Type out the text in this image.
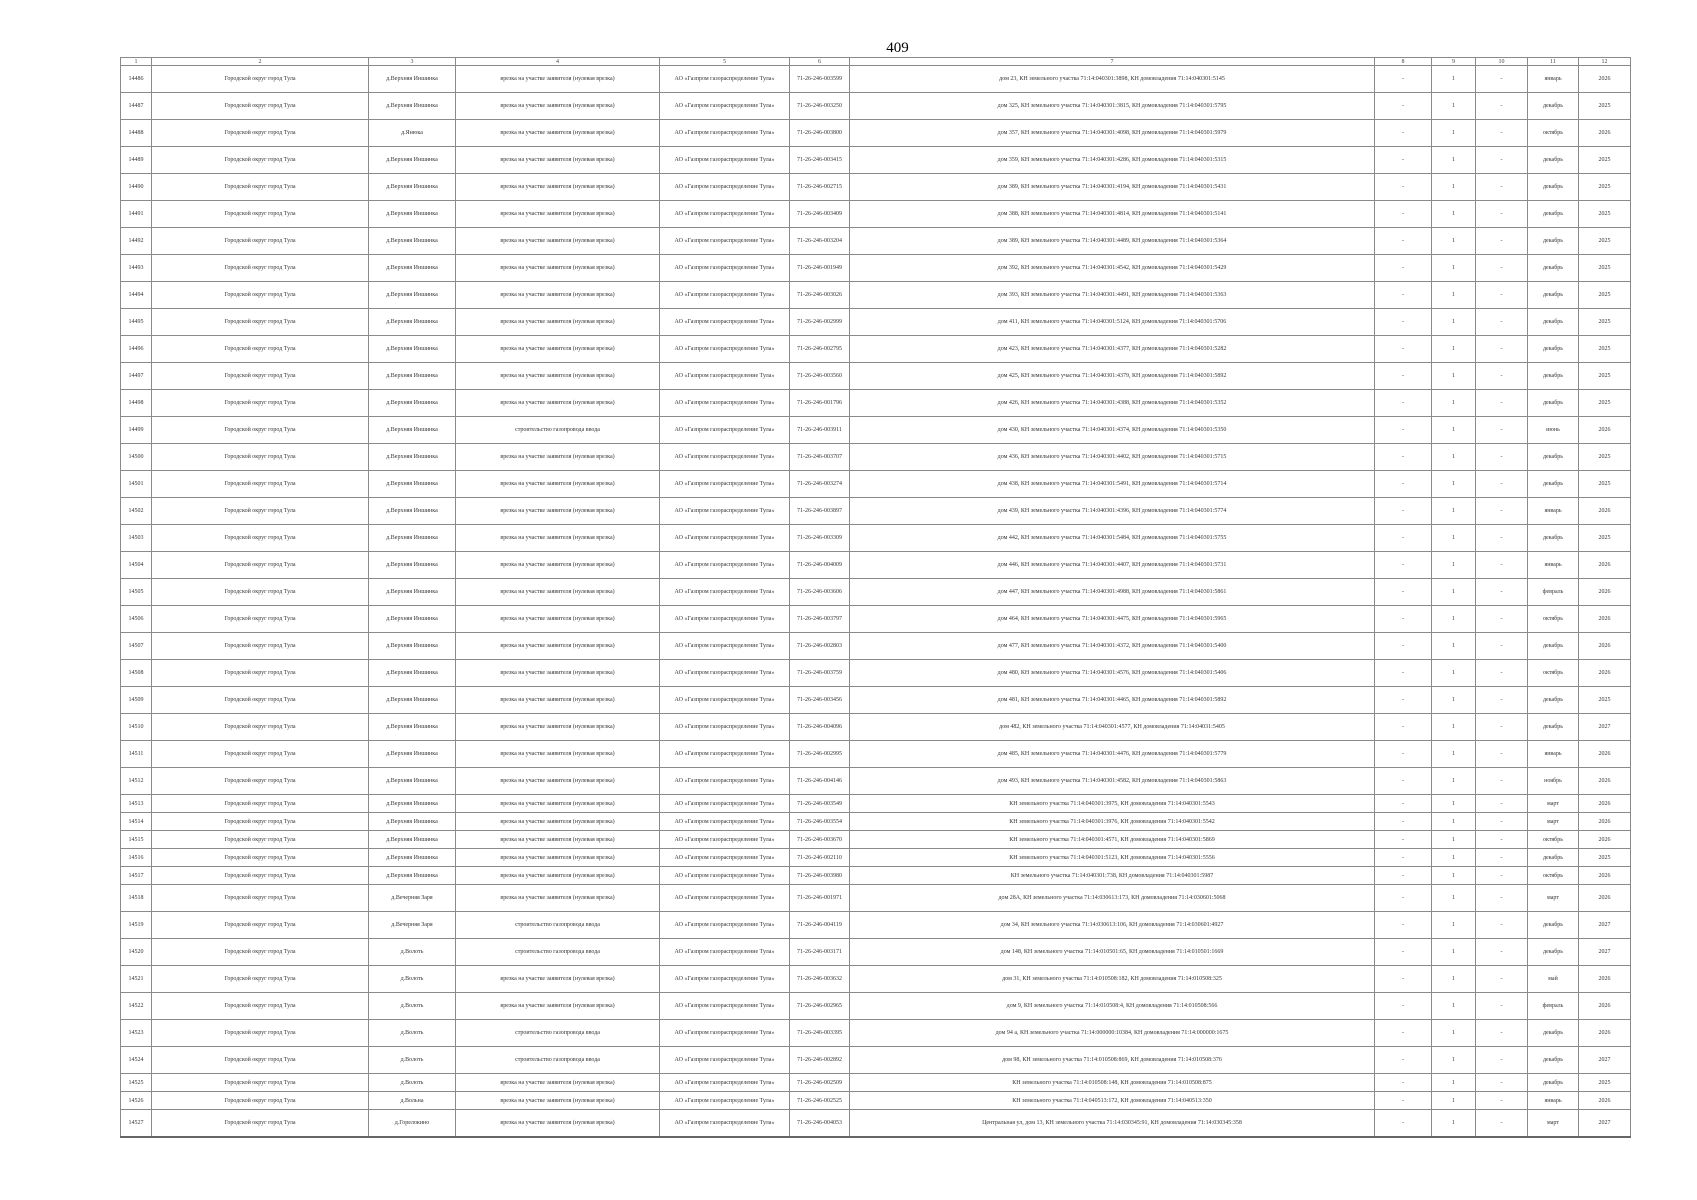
409
1	2	3	4	5	6	7	8	9	10	11	12
14486	Городской округ город Тула	д.Верхняя Иншинка	врезка на участке заявителя (нулевая врезка)	АО «Газпром газораспределение Тула»	71-26-246-003599	дом 23, КН земельного участка 71:14:040301:3898, КН домовладения 71:14:040301:5145	-	1	-	январь	2026
14487	Городской округ город Тула	д.Верхняя Иншинка	врезка на участке заявителя (нулевая врезка)	АО «Газпром газораспределение Тула»	71-26-246-003250	дом 325, КН земельного участка 71:14:040301:3815, КН домовладения 71:14:040301:5795	-	1	-	декабрь	2025
14488	Городской округ город Тула	д.Янюка	врезка на участке заявителя (нулевая врезка)	АО «Газпром газораспределение Тула»	71-26-246-003800	дом 357, КН земельного участка 71:14:040301:4098, КН домовладения 71:14:040301:5979	-	1	-	октябрь	2026
14489	Городской округ город Тула	д.Верхняя Иншинка	врезка на участке заявителя (нулевая врезка)	АО «Газпром газораспределение Тула»	71-26-246-003415	дом 359, КН земельного участка 71:14:040301:4286, КН домовладения 71:14:040301:5315	-	1	-	декабрь	2025
14490	Городской округ город Тула	д.Верхняя Иншинка	врезка на участке заявителя (нулевая врезка)	АО «Газпром газораспределение Тула»	71-26-246-002715	дом 389, КН земельного участка 71:14:040301:4194, КН домовладения 71:14:040301:5431	-	1	-	декабрь	2025
14491	Городской округ город Тула	д.Верхняя Иншинка	врезка на участке заявителя (нулевая врезка)	АО «Газпром газораспределение Тула»	71-26-246-003409	дом 388, КН земельного участка 71:14:040301:4814, КН домовладения 71:14:040301:5141	-	1	-	декабрь	2025
14492	Городской округ город Тула	д.Верхняя Иншинка	врезка на участке заявителя (нулевая врезка)	АО «Газпром газораспределение Тула»	71-26-246-003204	дом 389, КН земельного участка 71:14:040301:4489, КН домовладения 71:14:040301:5364	-	1	-	декабрь	2025
14493	Городской округ город Тула	д.Верхняя Иншинка	врезка на участке заявителя (нулевая врезка)	АО «Газпром газораспределение Тула»	71-26-246-001949	дом 392, КН земельного участка 71:14:040301:4542, КН домовладения 71:14:040301:5429	-	1	-	декабрь	2025
14494	Городской округ город Тула	д.Верхняя Иншинка	врезка на участке заявителя (нулевая врезка)	АО «Газпром газораспределение Тула»	71-26-246-003026	дом 393, КН земельного участка 71:14:040301:4491, КН домовладения 71:14:040301:5363	-	1	-	декабрь	2025
14495	Городской округ город Тула	д.Верхняя Иншинка	врезка на участке заявителя (нулевая врезка)	АО «Газпром газораспределение Тула»	71-26-246-002999	дом 411, КН земельного участка 71:14:040301:5124, КН домовладения 71:14:040301:5706	-	1	-	декабрь	2025
14496	Городской округ город Тула	д.Верхняя Иншинка	врезка на участке заявителя (нулевая врезка)	АО «Газпром газораспределение Тула»	71-26-246-002795	дом 423, КН земельного участка 71:14:040301:4377, КН домовладения 71:14:040301:5282	-	1	-	декабрь	2025
14497	Городской округ город Тула	д.Верхняя Иншинка	врезка на участке заявителя (нулевая врезка)	АО «Газпром газораспределение Тула»	71-26-246-003560	дом 425, КН земельного участка 71:14:040301:4379, КН домовладения 71:14:040301:5892	-	1	-	декабрь	2025
14498	Городской округ город Тула	д.Верхняя Иншинка	врезка на участке заявителя (нулевая врезка)	АО «Газпром газораспределение Тула»	71-26-246-001796	дом 426, КН земельного участка 71:14:040301:4388, КН домовладения 71:14:040301:5352	-	1	-	декабрь	2025
14499	Городской округ город Тула	д.Верхняя Иншинка	строительство газопровода ввода	АО «Газпром газораспределение Тула»	71-26-246-003911	дом 430, КН земельного участка 71:14:040301:4374, КН домовладения 71:14:040301:5350	-	1	-	июнь	2026
14500	Городской округ город Тула	д.Верхняя Иншинка	врезка на участке заявителя (нулевая врезка)	АО «Газпром газораспределение Тула»	71-26-246-003707	дом 436, КН земельного участка 71:14:040301:4402, КН домовладения 71:14:040301:5715	-	1	-	декабрь	2025
14501	Городской округ город Тула	д.Верхняя Иншинка	врезка на участке заявителя (нулевая врезка)	АО «Газпром газораспределение Тула»	71-26-246-003274	дом 438, КН земельного участка 71:14:040301:5491, КН домовладения 71:14:040301:5714	-	1	-	декабрь	2025
14502	Городской округ город Тула	д.Верхняя Иншинка	врезка на участке заявителя (нулевая врезка)	АО «Газпром газораспределение Тула»	71-26-246-003897	дом 439, КН земельного участка 71:14:040301:4396, КН домовладения 71:14:040301:5774	-	1	-	январь	2026
14503	Городской округ город Тула	д.Верхняя Иншинка	врезка на участке заявителя (нулевая врезка)	АО «Газпром газораспределение Тула»	71-26-246-003309	дом 442, КН земельного участка 71:14:040301:5484, КН домовладения 71:14:040301:5755	-	1	-	декабрь	2025
14504	Городской округ город Тула	д.Верхняя Иншинка	врезка на участке заявителя (нулевая врезка)	АО «Газпром газораспределение Тула»	71-26-246-004009	дом 446, КН земельного участка 71:14:040301:4407, КН домовладения 71:14:040301:5731	-	1	-	январь	2026
14505	Городской округ город Тула	д.Верхняя Иншинка	врезка на участке заявителя (нулевая врезка)	АО «Газпром газораспределение Тула»	71-26-246-003606	дом 447, КН земельного участка 71:14:040301:4988, КН домовладения 71:14:040301:5861	-	1	-	февраль	2026
14506	Городской округ город Тула	д.Верхняя Иншинка	врезка на участке заявителя (нулевая врезка)	АО «Газпром газораспределение Тула»	71-26-246-003797	дом 464, КН земельного участка 71:14:040301:4475, КН домовладения 71:14:040301:5965	-	1	-	октябрь	2026
14507	Городской округ город Тула	д.Верхняя Иншинка	врезка на участке заявителя (нулевая врезка)	АО «Газпром газораспределение Тула»	71-26-246-002803	дом 477, КН земельного участка 71:14:040301:4372, КН домовладения 71:14:040301:5400	-	1	-	декабрь	2026
14508	Городской округ город Тула	д.Верхняя Иншинка	врезка на участке заявителя (нулевая врезка)	АО «Газпром газораспределение Тула»	71-26-246-003759	дом 480, КН земельного участка 71:14:040301:4576, КН домовладения 71:14:040301:5406	-	1	-	октябрь	2026
14509	Городской округ город Тула	д.Верхняя Иншинка	врезка на участке заявителя (нулевая врезка)	АО «Газпром газораспределение Тула»	71-26-246-003456	дом 481, КН земельного участка 71:14:040301:4465, КН домовладения 71:14:040301:5892	-	1	-	декабрь	2025
14510	Городской округ город Тула	д.Верхняя Иншинка	врезка на участке заявителя (нулевая врезка)	АО «Газпром газораспределение Тула»	71-26-246-004096	дом 482, КН земельного участка 71:14:040301:4577, КН домовладения 71:14:04031:5405	-	1	-	декабрь	2027
14511	Городской округ город Тула	д.Верхняя Иншинка	врезка на участке заявителя (нулевая врезка)	АО «Газпром газораспределение Тула»	71-26-246-002995	дом 485, КН земельного участка 71:14:040301:4476, КН домовладения 71:14:040301:5779	-	1	-	январь	2026
14512	Городской округ город Тула	д.Верхняя Иншинка	врезка на участке заявителя (нулевая врезка)	АО «Газпром газораспределение Тула»	71-26-246-004146	дом 493, КН земельного участка 71:14:040301:4582, КН домовладения 71:14:040301:5863	-	1	-	ноябрь	2026
14513	Городской округ город Тула	д.Верхняя Иншинка	врезка на участке заявителя (нулевая врезка)	АО «Газпром газораспределение Тула»	71-26-246-003549	КН земельного участка 71:14:040301:3975, КН домовладения 71:14:040301:5543	-	1	-	март	2026
14514	Городской округ город Тула	д.Верхняя Иншинка	врезка на участке заявителя (нулевая врезка)	АО «Газпром газораспределение Тула»	71-26-246-003554	КН земельного участка 71:14:040301:3976, КН домовладения 71:14:040301:5542	-	1	-	март	2026
14515	Городской округ город Тула	д.Верхняя Иншинка	врезка на участке заявителя (нулевая врезка)	АО «Газпром газораспределение Тула»	71-26-246-003670	КН земельного участка 71:14:040301:4571, КН домовладения 71:14:040301:5869	-	1	-	октябрь	2026
14516	Городской округ город Тула	д.Верхняя Иншинка	врезка на участке заявителя (нулевая врезка)	АО «Газпром газораспределение Тула»	71-26-246-002110	КН земельного участка 71:14:040301:5123, КН домовладения 71:14:040301:5556	-	1	-	декабрь	2025
14517	Городской округ город Тула	д.Верхняя Иншинка	врезка на участке заявителя (нулевая врезка)	АО «Газпром газораспределение Тула»	71-26-246-003980	КН земельного участка 71:14:040301:738, КН домовладения 71:14:040301:5987	-	1	-	октябрь	2026
14518	Городской округ город Тула	д.Вечерняя Заря	врезка на участке заявителя (нулевая врезка)	АО «Газпром газораспределение Тула»	71-26-246-001971	дом 28А, КН земельного участка 71:14:030613:173, КН домовладения 71:14:030601:5068	-	1	-	март	2026
14519	Городской округ город Тула	д.Вечерняя Заря	строительство газопровода ввода	АО «Газпром газораспределение Тула»	71-26-246-004119	дом 34, КН земельного участка 71:14:030613:106, КН домовладения 71:14:030601:4927	-	1	-	декабрь	2027
14520	Городской округ город Тула	д.Волоть	строительство газопровода ввода	АО «Газпром газораспределение Тула»	71-26-246-003171	дом 148, КН земельного участка 71:14:010501:65, КН домовладения 71:14:010501:1669	-	1	-	декабрь	2027
14521	Городской округ город Тула	д.Волоть	врезка на участке заявителя (нулевая врезка)	АО «Газпром газораспределение Тула»	71-26-246-003632	дом 31, КН земельного участка 71:14:010508:182, КН домовладения 71:14:010508:325	-	1	-	май	2026
14522	Городской округ город Тула	д.Волоть	врезка на участке заявителя (нулевая врезка)	АО «Газпром газораспределение Тула»	71-26-246-002965	дом 9, КН земельного участка 71:14:010508:4, КН домовладения 71:14:010508:566	-	1	-	февраль	2026
14523	Городской округ город Тула	д.Волоть	строительство газопровода ввода	АО «Газпром газораспределение Тула»	71-26-246-003395	дом 94 а, КН земельного участка 71:14:000000:10384, КН домовладения 71:14:000000:1675	-	1	-	декабрь	2026
14524	Городской округ город Тула	д.Волоть	строительство газопровода ввода	АО «Газпром газораспределение Тула»	71-26-246-002892	дом 98, КН земельного участка 71:14:010508:869, КН домовладения 71:14:010508:376	-	1	-	декабрь	2027
14525	Городской округ город Тула	д.Волоть	врезка на участке заявителя (нулевая врезка)	АО «Газпром газораспределение Тула»	71-26-246-002509	КН земельного участка 71:14:010508:148, КН домовладения 71:14:010508:875	-	1	-	декабрь	2025
14526	Городской округ город Тула	д.Вольна	врезка на участке заявителя (нулевая врезка)	АО «Газпром газораспределение Тула»	71-26-246-002525	КН земельного участка 71:14:040513:172, КН домовладения 71:14:040513:350	-	1	-	январь	2026
14527	Городской округ город Тула	д.Горелокино	врезка на участке заявителя (нулевая врезка)	АО «Газпром газораспределение Тула»	71-26-246-004053	Центральная ул, дом 13, КН земельного участка 71:14:030345:91, КН домовладения 71:14:030345:358	-	1	-	март	2027
